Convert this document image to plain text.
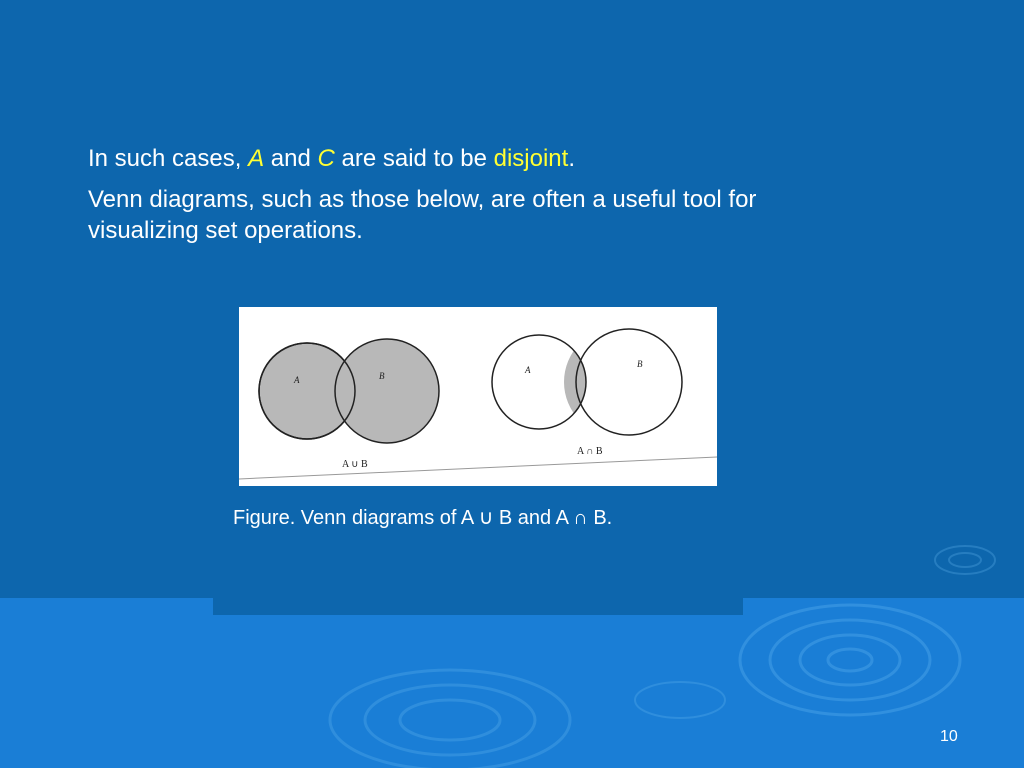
In such cases, A and C are said to be disjoint.

Venn diagrams, such as those below, are often a useful tool for visualizing set operations.

A	B
A ∪ B
A
B
A ∩ B
Figure. Venn diagrams of A ∪ B and A ∩ B.
10
